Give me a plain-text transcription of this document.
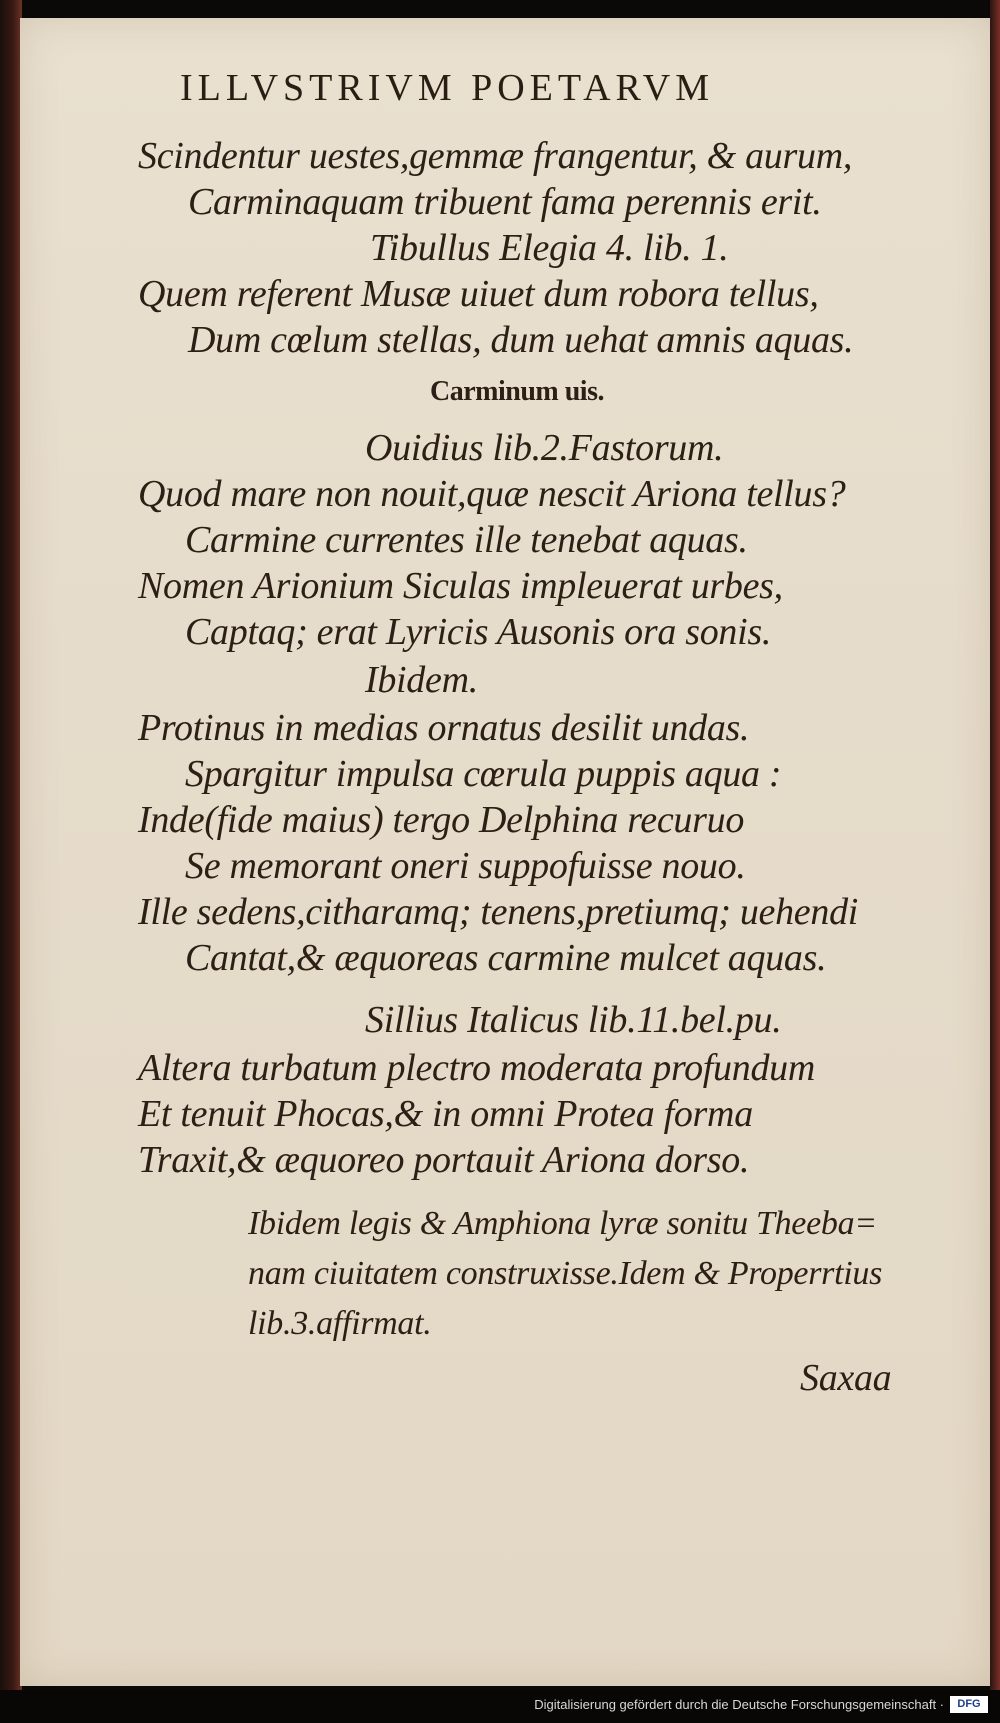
ILLVSTRIVM POETARVM
Scindentur uestes,gemmæ frangentur, & aurum,
Carminaquam tribuent fama perennis erit.
Tibullus Elegia 4. lib. 1.
Quem referent Musæ uiuet dum robora tellus,
Dum cœlum stellas, dum uehat amnis aquas.
Carminum uis.
Ouidius lib.2.Fastorum.
Quod mare non nouit,quæ nescit Ariona tellus?
Carmine currentes ille tenebat aquas.
Nomen Arionium Siculas impleuerat urbes,
Captaq; erat Lyricis Ausonis ora sonis.
Ibidem.
Protinus in medias ornatus desilit undas.
Spargitur impulsa cœrula puppis aqua :
Inde(fide maius) tergo Delphina recuruo
Se memorant oneri suppofuisse nouo.
Ille sedens,citharamq; tenens,pretiumq; uehendi
Cantat,& æquoreas carmine mulcet aquas.
Sillius Italicus lib.11.bel.pu.
Altera turbatum plectro moderata profundum
Et tenuit Phocas,& in omni Protea forma
Traxit,& æquoreo portauit Ariona dorso.
Ibidem legis & Amphiona lyræ sonitu Theeba=
nam ciuitatem construxisse.Idem & Properrtius
lib.3.affirmat.
Saxaa
Digitalisierung gefördert durch die Deutsche Forschungsgemeinschaft ·	DFG
